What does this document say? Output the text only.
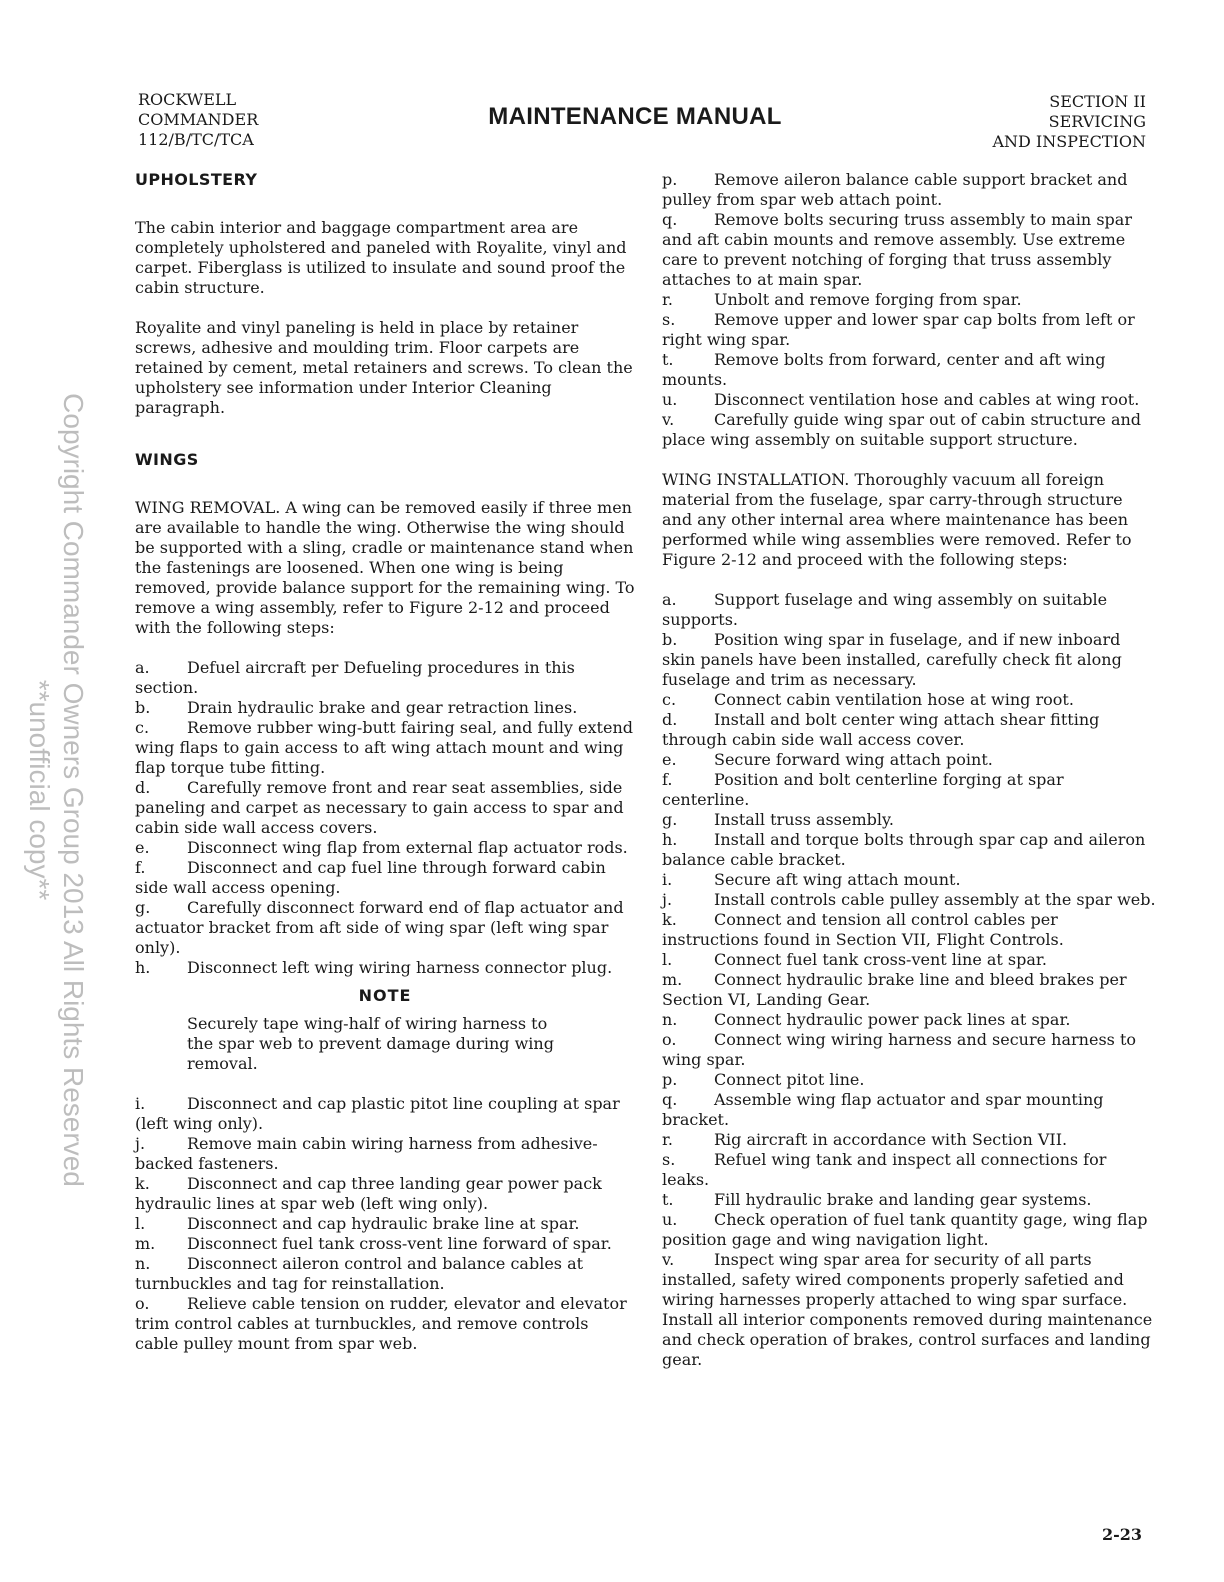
ROCKWELL
COMMANDER
112/B/TC/TCA
MAINTENANCE MANUAL
SECTION II
SERVICING
AND INSPECTION
Copyright Commander Owners Group 2013 All Rights Reserved
**unofficial copy**

UPHOLSTERY

The cabin interior and baggage compartment area are completely upholstered and paneled with Royalite, vinyl and carpet. Fiberglass is utilized to insulate and sound proof the cabin structure.

Royalite and vinyl paneling is held in place by retainer screws, adhesive and moulding trim. Floor carpets are retained by cement, metal retainers and screws. To clean the upholstery see information under Interior Cleaning paragraph.

WINGS

WING REMOVAL. A wing can be removed easily if three men are available to handle the wing. Otherwise the wing should be supported with a sling, cradle or maintenance stand when the fastenings are loosened. When one wing is being removed, provide balance support for the remaining wing. To remove a wing assembly, refer to Figure 2-12 and proceed with the following steps:

a. Defuel aircraft per Defueling procedures in this section.

b. Drain hydraulic brake and gear retraction lines.

c. Remove rubber wing-butt fairing seal, and fully extend wing flaps to gain access to aft wing attach mount and wing flap torque tube fitting.

d. Carefully remove front and rear seat assemblies, side paneling and carpet as necessary to gain access to spar and cabin side wall access covers.

e. Disconnect wing flap from external flap actuator rods.

f.	Disconnect and cap fuel line through forward cabin side wall access opening.

g. Carefully disconnect forward end of flap actuator and actuator bracket from aft side of wing spar (left wing spar only).

h. Disconnect left wing wiring harness connector plug.

NOTE

Securely tape wing-half of wiring harness to the spar web to prevent damage during wing removal.

i.	Disconnect and cap plastic pitot line coupling at spar (left wing only).

j.	Remove main cabin wiring harness from adhesive-backed fasteners.

k. Disconnect and cap three landing gear power pack hydraulic lines at spar web (left wing only).

l.	Disconnect and cap hydraulic brake line at spar.

m. Disconnect fuel tank cross-vent line forward of spar.

n. Disconnect aileron control and balance cables at turnbuckles and tag for reinstallation.

o. Relieve cable tension on rudder, elevator and elevator trim control cables at turnbuckles, and remove controls cable pulley mount from spar web.

p. Remove aileron balance cable support bracket and pulley from spar web attach point.

q. Remove bolts securing truss assembly to main spar and aft cabin mounts and remove assembly. Use extreme care to prevent notching of forging that truss assembly attaches to at main spar.

r.	Unbolt and remove forging from spar.

s. Remove upper and lower spar cap bolts from left or right wing spar.

t.	Remove bolts from forward, center and aft wing mounts.

u. Disconnect ventilation hose and cables at wing root.

v. Carefully guide wing spar out of cabin structure and place wing assembly on suitable support structure.

WING INSTALLATION. Thoroughly vacuum all foreign material from the fuselage, spar carry-through structure and any other internal area where maintenance has been performed while wing assemblies were removed. Refer to Figure 2-12 and proceed with the following steps:

a. Support fuselage and wing assembly on suitable supports.

b. Position wing spar in fuselage, and if new inboard skin panels have been installed, carefully check fit along fuselage and trim as necessary.

c. Connect cabin ventilation hose at wing root.

d. Install and bolt center wing attach shear fitting through cabin side wall access cover.

e. Secure forward wing attach point.

f.	Position and bolt centerline forging at spar centerline.

g. Install truss assembly.

h. Install and torque bolts through spar cap and aileron balance cable bracket.

i.	Secure aft wing attach mount.

j.	Install controls cable pulley assembly at the spar web.

k. Connect and tension all control cables per instructions found in Section VII, Flight Controls.

l.	Connect fuel tank cross-vent line at spar.

m. Connect hydraulic brake line and bleed brakes per Section VI, Landing Gear.

n. Connect hydraulic power pack lines at spar.

o. Connect wing wiring harness and secure harness to wing spar.

p. Connect pitot line.

q. Assemble wing flap actuator and spar mounting bracket.

r.	Rig aircraft in accordance with Section VII.

s. Refuel wing tank and inspect all connections for leaks.

t.	Fill hydraulic brake and landing gear systems.

u. Check operation of fuel tank quantity gage, wing flap position gage and wing navigation light.

v. Inspect wing spar area for security of all parts installed, safety wired components properly safetied and wiring harnesses properly attached to wing spar surface. Install all interior components removed during maintenance and check operation of brakes, control surfaces and landing gear.

2-23
